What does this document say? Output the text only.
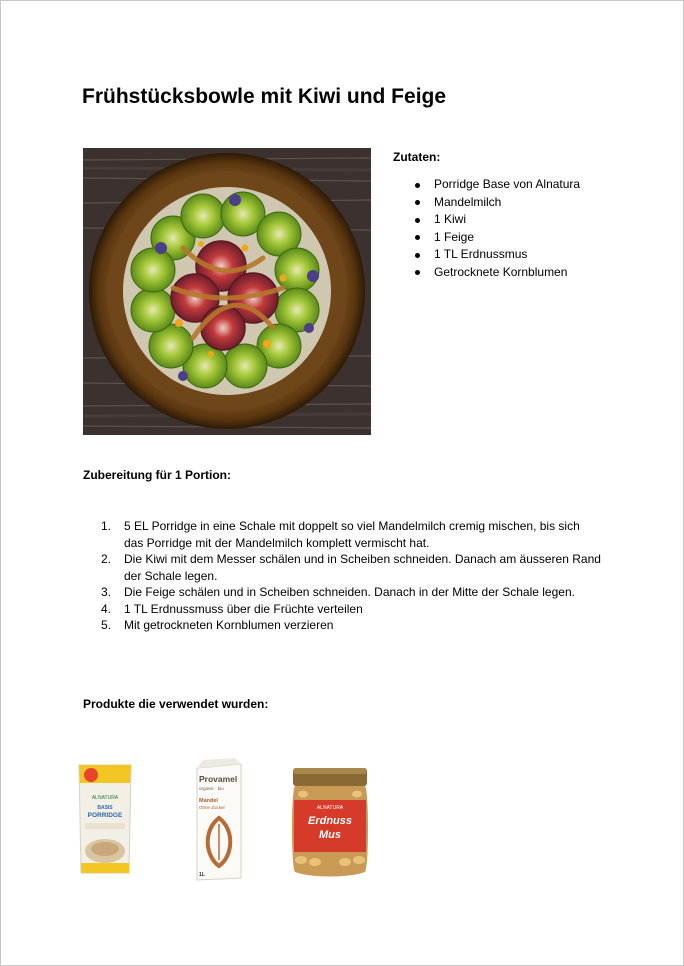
Frühstücksbowle mit Kiwi und Feige
Zutaten:
Porridge Base von Alnatura
Mandelmilch
1 Kiwi
1 Feige
1 TL Erdnussmus
Getrocknete Kornblumen
Zubereitung für 1 Portion:
1. 5 EL Porridge in eine Schale mit doppelt so viel Mandelmilch cremig mischen, bis sich das Porridge mit der Mandelmilch komplett vermischt hat.
2. Die Kiwi mit dem Messer schälen und in Scheiben schneiden. Danach am äusseren Rand der Schale legen.
3. Die Feige schälen und in Scheiben schneiden. Danach in der Mitte der Schale legen.
4. 1 TL Erdnussmuss über die Früchte verteilen
5. Mit getrockneten Kornblumen verzieren
Produkte die verwendet wurden:
ALNATURA
BASIS
PORRIDGE
Provamel
organic · bio
Mandel
Ohne Zucker
1L
ALNATURA
Erdnuss
Mus
